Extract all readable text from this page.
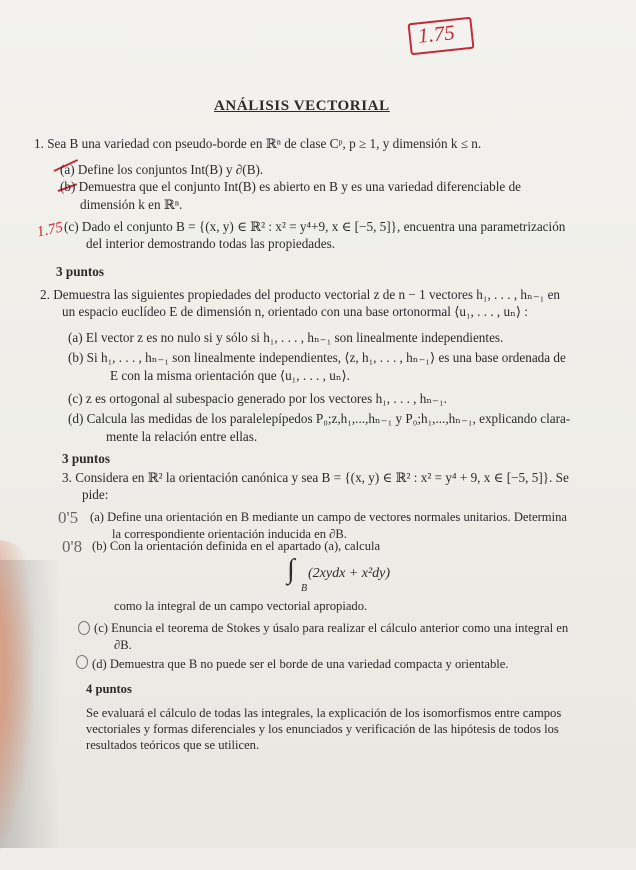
1.75
ANÁLISIS VECTORIAL
1. Sea B una variedad con pseudo-borde en ℝⁿ de clase Cᵖ, p ≥ 1, y dimensión k ≤ n.
(a) Define los conjuntos Int(B) y ∂(B).
(b) Demuestra que el conjunto Int(B) es abierto en B y es una variedad diferenciable de
dimensión k en ℝⁿ.
1.75 (c) Dado el conjunto B = {(x, y) ∈ ℝ² : x² = y⁴+9, x ∈ [−5, 5]}, encuentra una parametrización
del interior demostrando todas las propiedades.
3 puntos
2. Demuestra las siguientes propiedades del producto vectorial z de n − 1 vectores h₁, . . . , hₙ₋₁ en
un espacio euclídeo E de dimensión n, orientado con una base ortonormal ⟨u₁, . . . , uₙ⟩ :
(a) El vector z es no nulo si y sólo si h₁, . . . , hₙ₋₁ son linealmente independientes.
(b) Si h₁, . . . , hₙ₋₁ son linealmente independientes, ⟨z, h₁, . . . , hₙ₋₁⟩ es una base ordenada de
E con la misma orientación que ⟨u₁, . . . , uₙ⟩.
(c) z es ortogonal al subespacio generado por los vectores h₁, . . . , hₙ₋₁.
(d) Calcula las medidas de los paralelepípedos P₀;z,h₁,...,hₙ₋₁ y P₀;h₁,...,hₙ₋₁, explicando clara-
mente la relación entre ellas.
3 puntos
3. Considera en ℝ² la orientación canónica y sea B = {(x, y) ∈ ℝ² : x² = y⁴ + 9, x ∈ [−5, 5]}. Se
pide:
0'5 (a) Define una orientación en B mediante un campo de vectores normales unitarios. Determina
la correspondiente orientación inducida en ∂B.
0'8 (b) Con la orientación definida en el apartado (a), calcula
∫
B
(2xydx + x²dy)
como la integral de un campo vectorial apropiado.
(c) Enuncia el teorema de Stokes y úsalo para realizar el cálculo anterior como una integral en
∂B.
(d) Demuestra que B no puede ser el borde de una variedad compacta y orientable.
4 puntos
Se evaluará el cálculo de todas las integrales, la explicación de los isomorfismos entre campos
vectoriales y formas diferenciales y los enunciados y verificación de las hipótesis de todos los
resultados teóricos que se utilicen.
